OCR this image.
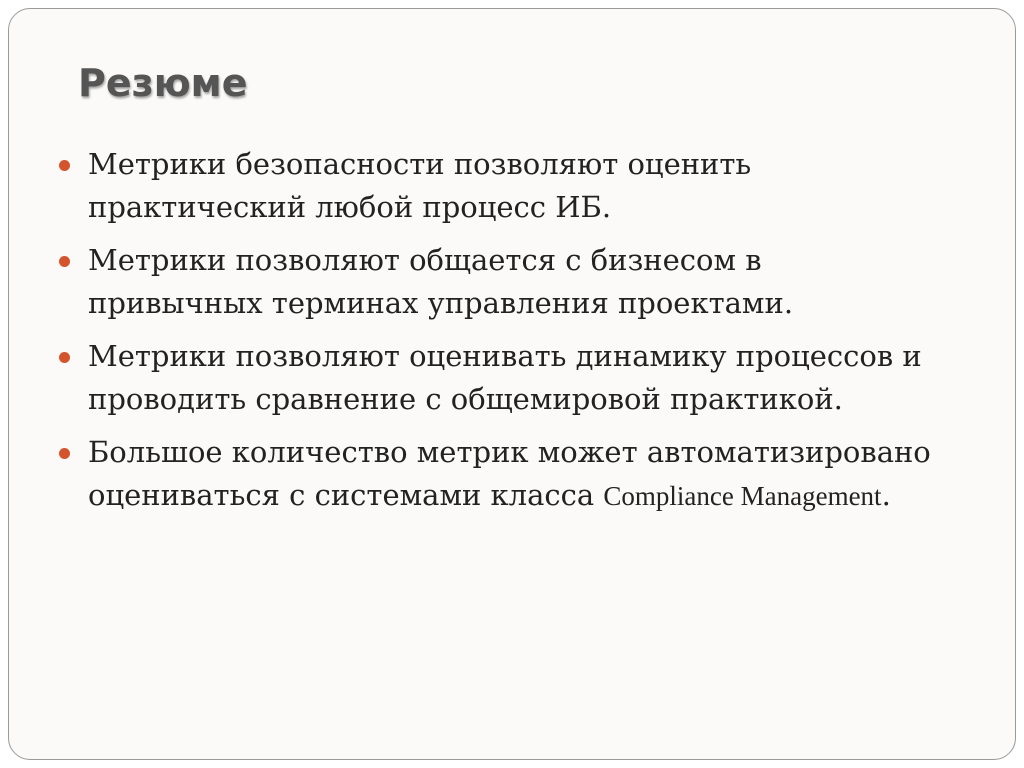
Резюме
Метрики безопасности позволяют оценить практический любой процесс ИБ.
Метрики позволяют общается с бизнесом в привычных терминах управления проектами.
Метрики позволяют оценивать динамику процессов и проводить сравнение с общемировой практикой.
Большое количество метрик может автоматизировано оцениваться с системами класса Compliance Management.
